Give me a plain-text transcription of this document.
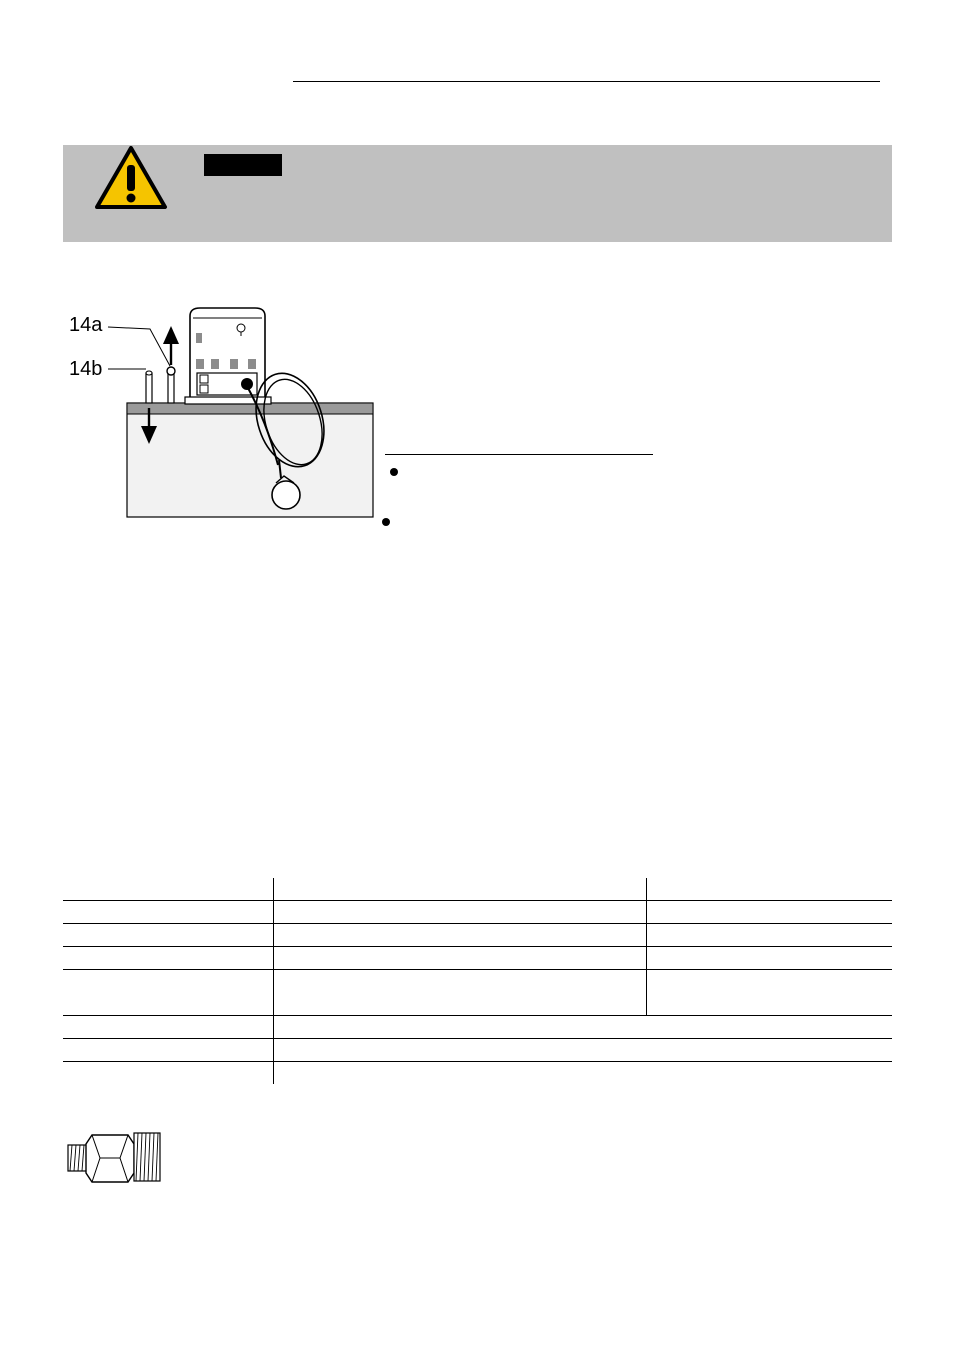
14a
14b
